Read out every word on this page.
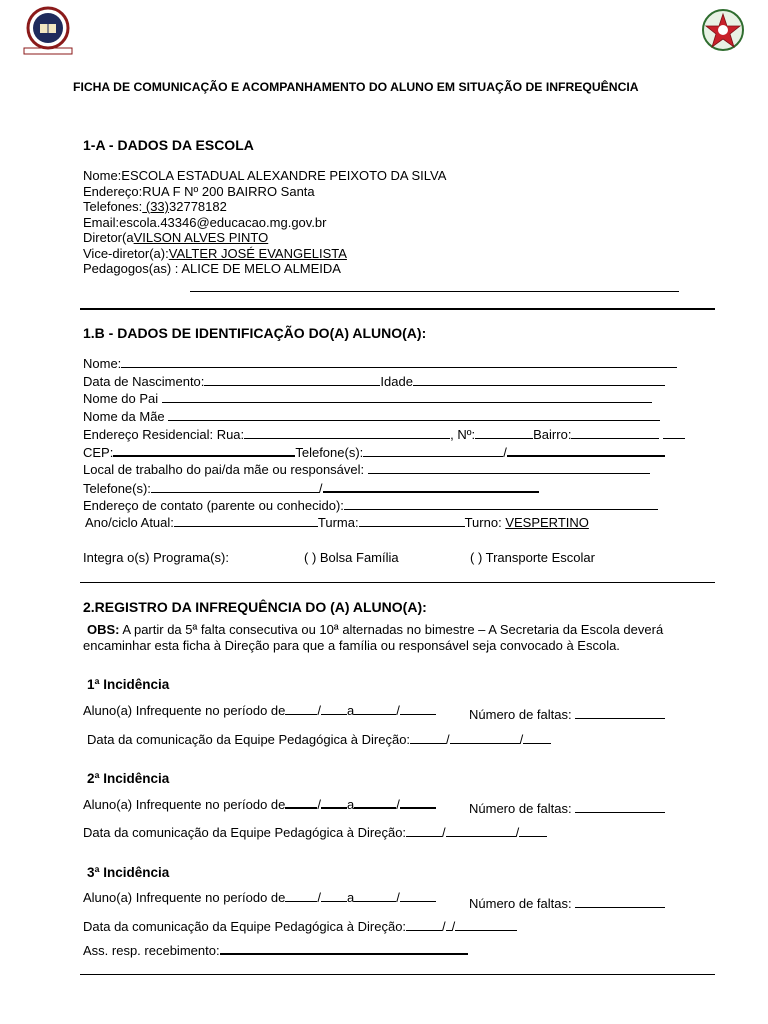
FICHA DE COMUNICAÇÃO E ACOMPANHAMENTO DO ALUNO EM SITUAÇÃO DE INFREQUÊNCIA
1-A - DADOS DA ESCOLA
Nome:ESCOLA ESTADUAL ALEXANDRE PEIXOTO DA SILVA
Endereço:RUA F Nº 200 BAIRRO Santa
Telefones: (33)32778182
Email:escola.43346@educacao.mg.gov.br
Diretor(aVILSON ALVES PINTO
Vice-diretor(a):VALTER JOSÉ EVANGELISTA
Pedagogos(as) : ALICE DE MELO ALMEIDA
1.B - DADOS DE IDENTIFICAÇÃO DO(A) ALUNO(A):
Nome:
Data de Nascimento:	Idade
Nome do Pai
Nome da Mãe
Endereço Residencial: Rua:	, Nº:	Bairro:
CEP:	Telefone(s):	/
Local de trabalho do pai/da mãe ou responsável:
Telefone(s):	/
Endereço de contato (parente ou conhecido):
Ano/ciclo Atual:	Turma:	Turno: VESPERTINO
Integra o(s) Programa(s):	( ) Bolsa Família	( ) Transporte Escolar
2.REGISTRO DA INFREQUÊNCIA DO (A) ALUNO(A):
OBS: A partir da 5ª falta consecutiva ou 10ª alternadas no bimestre – A Secretaria da Escola deverá
encaminhar esta ficha à Direção para que a família ou responsável seja convocado à Escola.
1ª Incidência
Aluno(a) Infrequente no período de / a	/	Número de faltas:
Data da comunicação da Equipe Pedagógica à Direção:	/	/
2ª Incidência
Aluno(a) Infrequente no período de / a	/	Número de faltas:
Data da comunicação da Equipe Pedagógica à Direção:	/	/
3ª Incidência
Aluno(a) Infrequente no período de / a	/	Número de faltas:
Data da comunicação da Equipe Pedagógica à Direção:	/ /
Ass. resp. recebimento:
